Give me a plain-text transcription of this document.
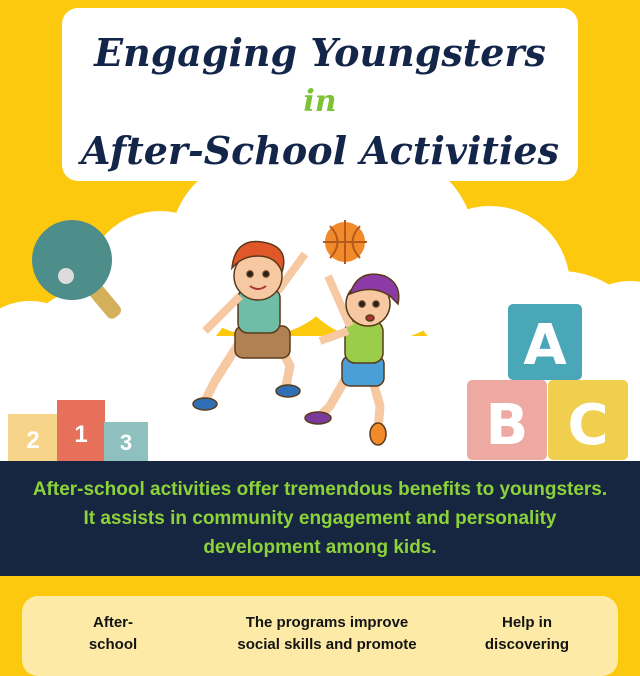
Engaging Youngsters
in
After-School Activities
2 1 3
A
B C

After-school activities offer tremendous benefits to youngsters. It assists in community engagement and personality development among kids.

After-
school
The programs improve
social skills and promote
Help in
discovering
